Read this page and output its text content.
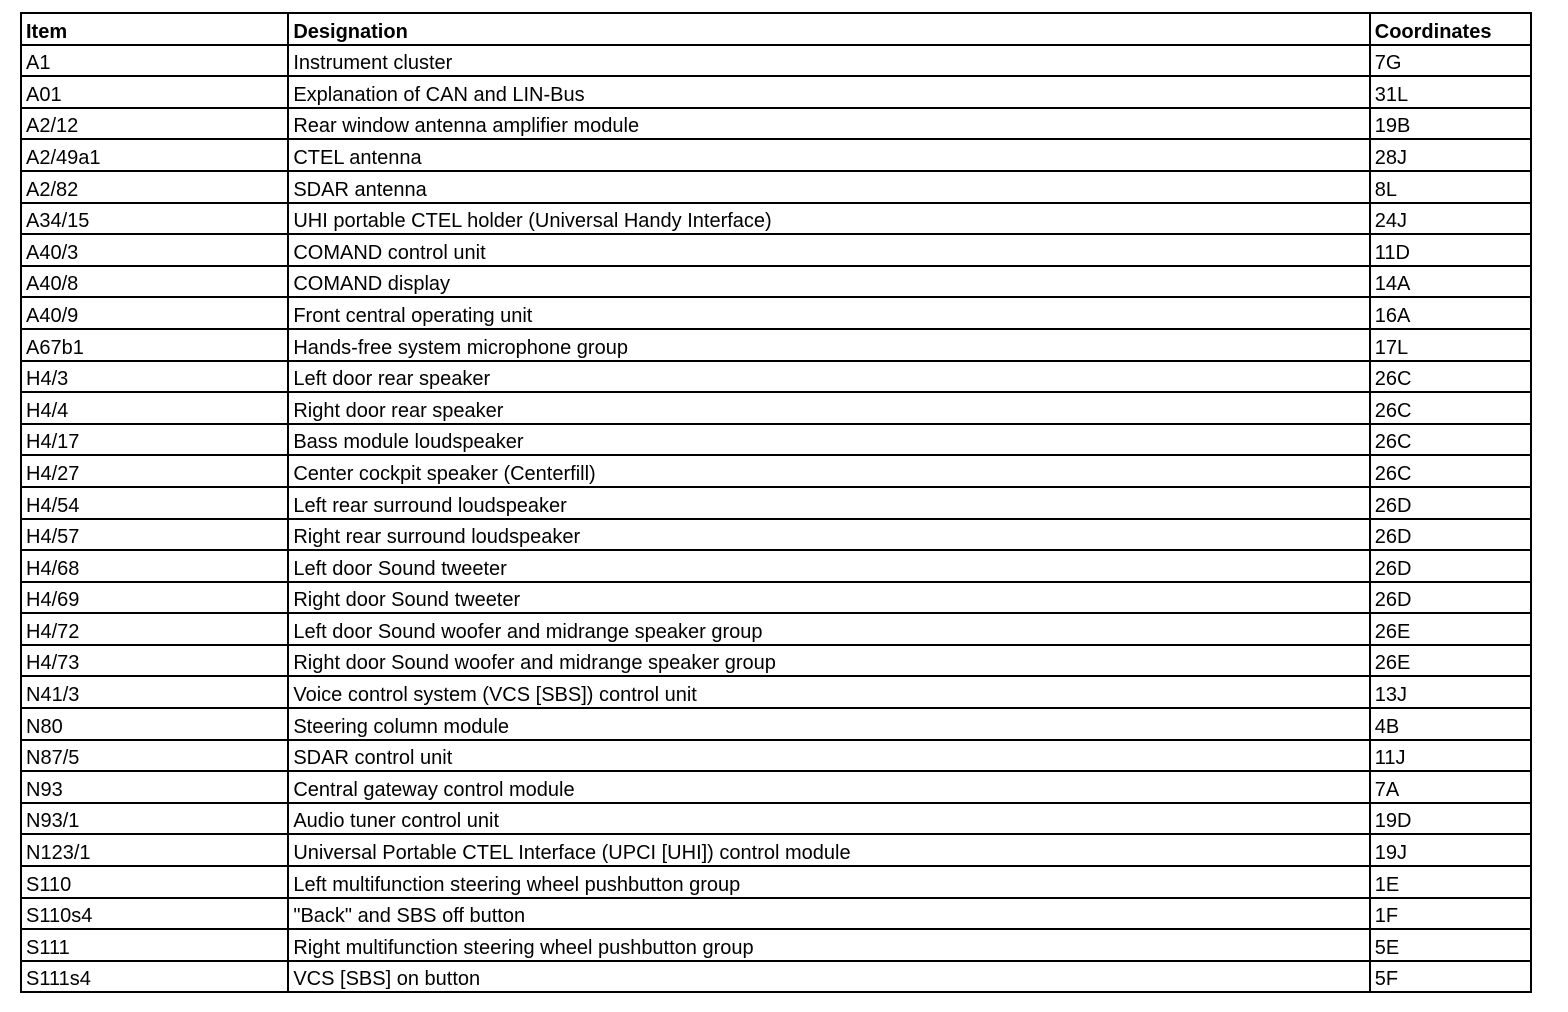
Item	Designation	Coordinates
A1	Instrument cluster	7G
A01	Explanation of CAN and LIN-Bus	31L
A2/12	Rear window antenna amplifier module	19B
A2/49a1	CTEL antenna	28J
A2/82	SDAR antenna	8L
A34/15	UHI portable CTEL holder (Universal Handy Interface)	24J
A40/3	COMAND control unit	11D
A40/8	COMAND display	14A
A40/9	Front central operating unit	16A
A67b1	Hands-free system microphone group	17L
H4/3	Left door rear speaker	26C
H4/4	Right door rear speaker	26C
H4/17	Bass module loudspeaker	26C
H4/27	Center cockpit speaker (Centerfill)	26C
H4/54	Left rear surround loudspeaker	26D
H4/57	Right rear surround loudspeaker	26D
H4/68	Left door Sound tweeter	26D
H4/69	Right door Sound tweeter	26D
H4/72	Left door Sound woofer and midrange speaker group	26E
H4/73	Right door Sound woofer and midrange speaker group	26E
N41/3	Voice control system (VCS [SBS]) control unit	13J
N80	Steering column module	4B
N87/5	SDAR control unit	11J
N93	Central gateway control module	7A
N93/1	Audio tuner control unit	19D
N123/1	Universal Portable CTEL Interface (UPCI [UHI]) control module	19J
S110	Left multifunction steering wheel pushbutton group	1E
S110s4	"Back" and SBS off button	1F
S111	Right multifunction steering wheel pushbutton group	5E
S111s4	VCS [SBS] on button	5F
